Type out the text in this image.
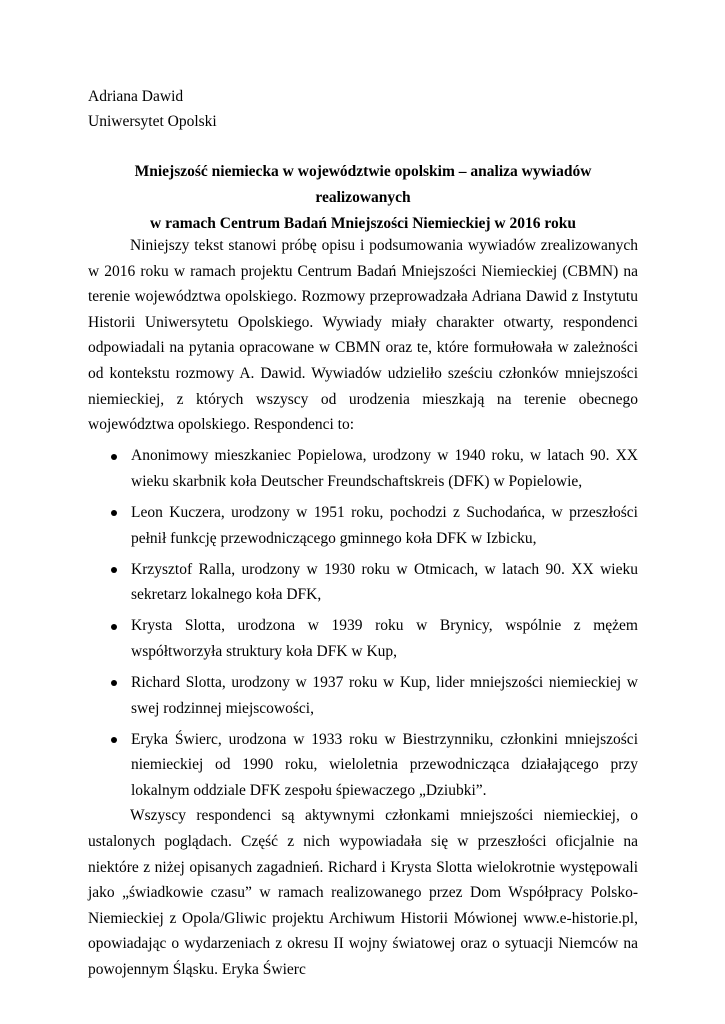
Adriana Dawid
Uniwersytet Opolski
Mniejszość niemiecka w województwie opolskim – analiza wywiadów realizowanych
w ramach Centrum Badań Mniejszości Niemieckiej w 2016 roku

Niniejszy tekst stanowi próbę opisu i podsumowania wywiadów zrealizowanych w 2016 roku w ramach projektu Centrum Badań Mniejszości Niemieckiej (CBMN) na terenie województwa opolskiego. Rozmowy przeprowadzała Adriana Dawid z Instytutu Historii Uniwersytetu Opolskiego. Wywiady miały charakter otwarty, respondenci odpowiadali na pytania opracowane w CBMN oraz te, które formułowała w zależności od kontekstu rozmowy A. Dawid. Wywiadów udzieliło sześciu członków mniejszości niemieckiej, z których wszyscy od urodzenia mieszkają na terenie obecnego województwa opolskiego. Respondenci to:

Anonimowy mieszkaniec Popielowa, urodzony w 1940 roku, w latach 90. XX wieku skarbnik koła Deutscher Freundschaftskreis (DFK) w Popielowie,
Leon Kuczera, urodzony w 1951 roku, pochodzi z Suchodańca, w przeszłości pełnił funkcję przewodniczącego gminnego koła DFK w Izbicku,
Krzysztof Ralla, urodzony w 1930 roku w Otmicach, w latach 90. XX wieku sekretarz lokalnego koła DFK,
Krysta Slotta, urodzona w 1939 roku w Brynicy, wspólnie z mężem współtworzyła struktury koła DFK w Kup,
Richard Slotta, urodzony w 1937 roku w Kup, lider mniejszości niemieckiej w swej rodzinnej miejscowości,
Eryka Świerc, urodzona w 1933 roku w Biestrzynniku, członkini mniejszości niemieckiej od 1990 roku, wieloletnia przewodnicząca działającego przy lokalnym oddziale DFK zespołu śpiewaczego „Dziubki”.

Wszyscy respondenci są aktywnymi członkami mniejszości niemieckiej, o ustalonych poglądach. Część z nich wypowiadała się w przeszłości oficjalnie na niektóre z niżej opisanych zagadnień. Richard i Krysta Slotta wielokrotnie występowali jako „świadkowie czasu” w ramach realizowanego przez Dom Współpracy Polsko-Niemieckiej z Opola/Gliwic projektu Archiwum Historii Mówionej www.e-historie.pl, opowiadając o wydarzeniach z okresu II wojny światowej oraz o sytuacji Niemców na powojennym Śląsku. Eryka Świerc
